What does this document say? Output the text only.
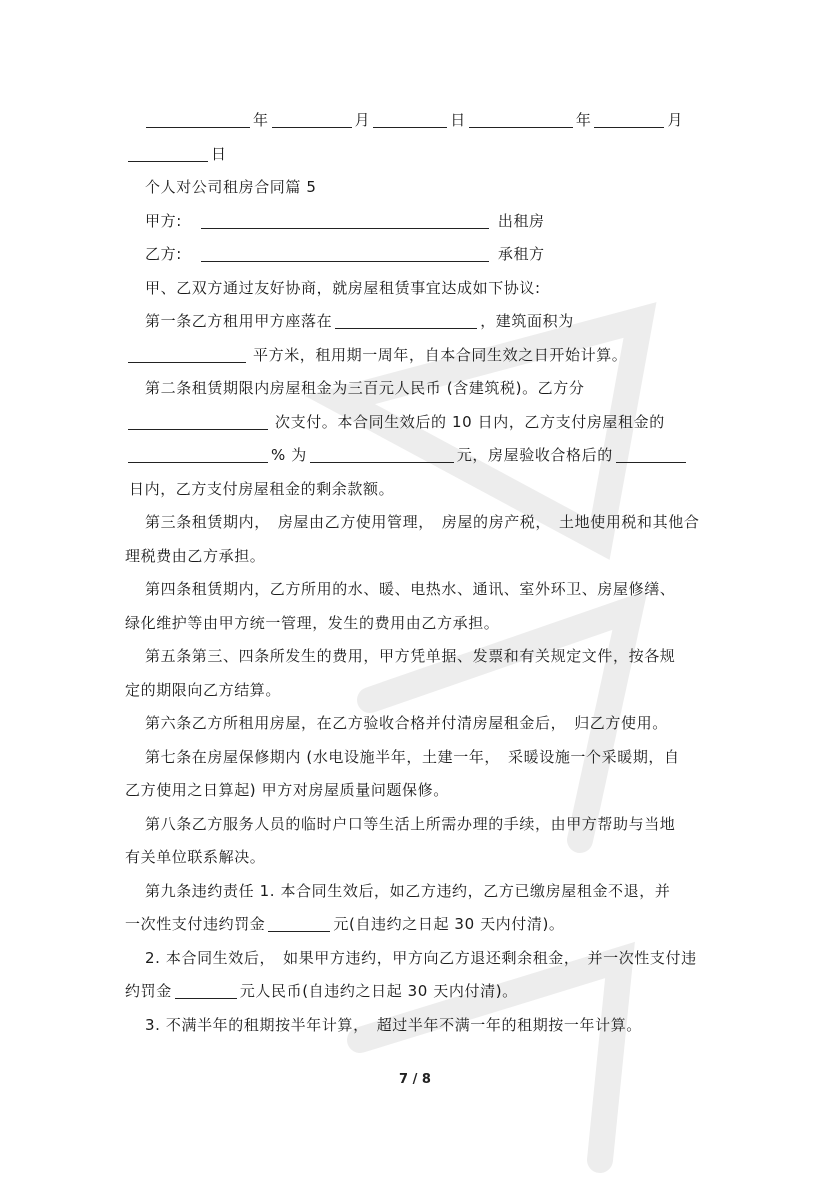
年	月	日	年	月
日
个人对公司租房合同篇 5
甲方:	出租房
乙方:	承租方
甲、乙双方通过友好协商，就房屋租赁事宜达成如下协议:
第一条乙方租用甲方座落在	，建筑面积为
平方米，租用期一周年，自本合同生效之日开始计算。
第二条租赁期限内房屋租金为三百元人民币 (含建筑税)。乙方分
次支付。本合同生效后的 10 日内，乙方支付房屋租金的
% 为	元，房屋验收合格后的
日内，乙方支付房屋租金的剩余款额。
第三条租赁期内， 房屋由乙方使用管理， 房屋的房产税， 土地使用税和其他合
理税费由乙方承担。
第四条租赁期内，乙方所用的水、暖、电热水、通讯、室外环卫、房屋修缮、
绿化维护等由甲方统一管理，发生的费用由乙方承担。
第五条第三、四条所发生的费用，甲方凭单据、发票和有关规定文件，按各规
定的期限向乙方结算。
第六条乙方所租用房屋，在乙方验收合格并付清房屋租金后， 归乙方使用。
第七条在房屋保修期内 (水电设施半年，土建一年， 采暖设施一个采暖期，自
乙方使用之日算起) 甲方对房屋质量问题保修。
第八条乙方服务人员的临时户口等生活上所需办理的手续，由甲方帮助与当地
有关单位联系解决。
第九条违约责任 1. 本合同生效后，如乙方违约，乙方已缴房屋租金不退，并
一次性支付违约罚金	元(自违约之日起 30 天内付清)。
2. 本合同生效后， 如果甲方违约，甲方向乙方退还剩余租金， 并一次性支付违
约罚金	元人民币(自违约之日起 30 天内付清)。
3. 不满半年的租期按半年计算， 超过半年不满一年的租期按一年计算。
7 / 8
